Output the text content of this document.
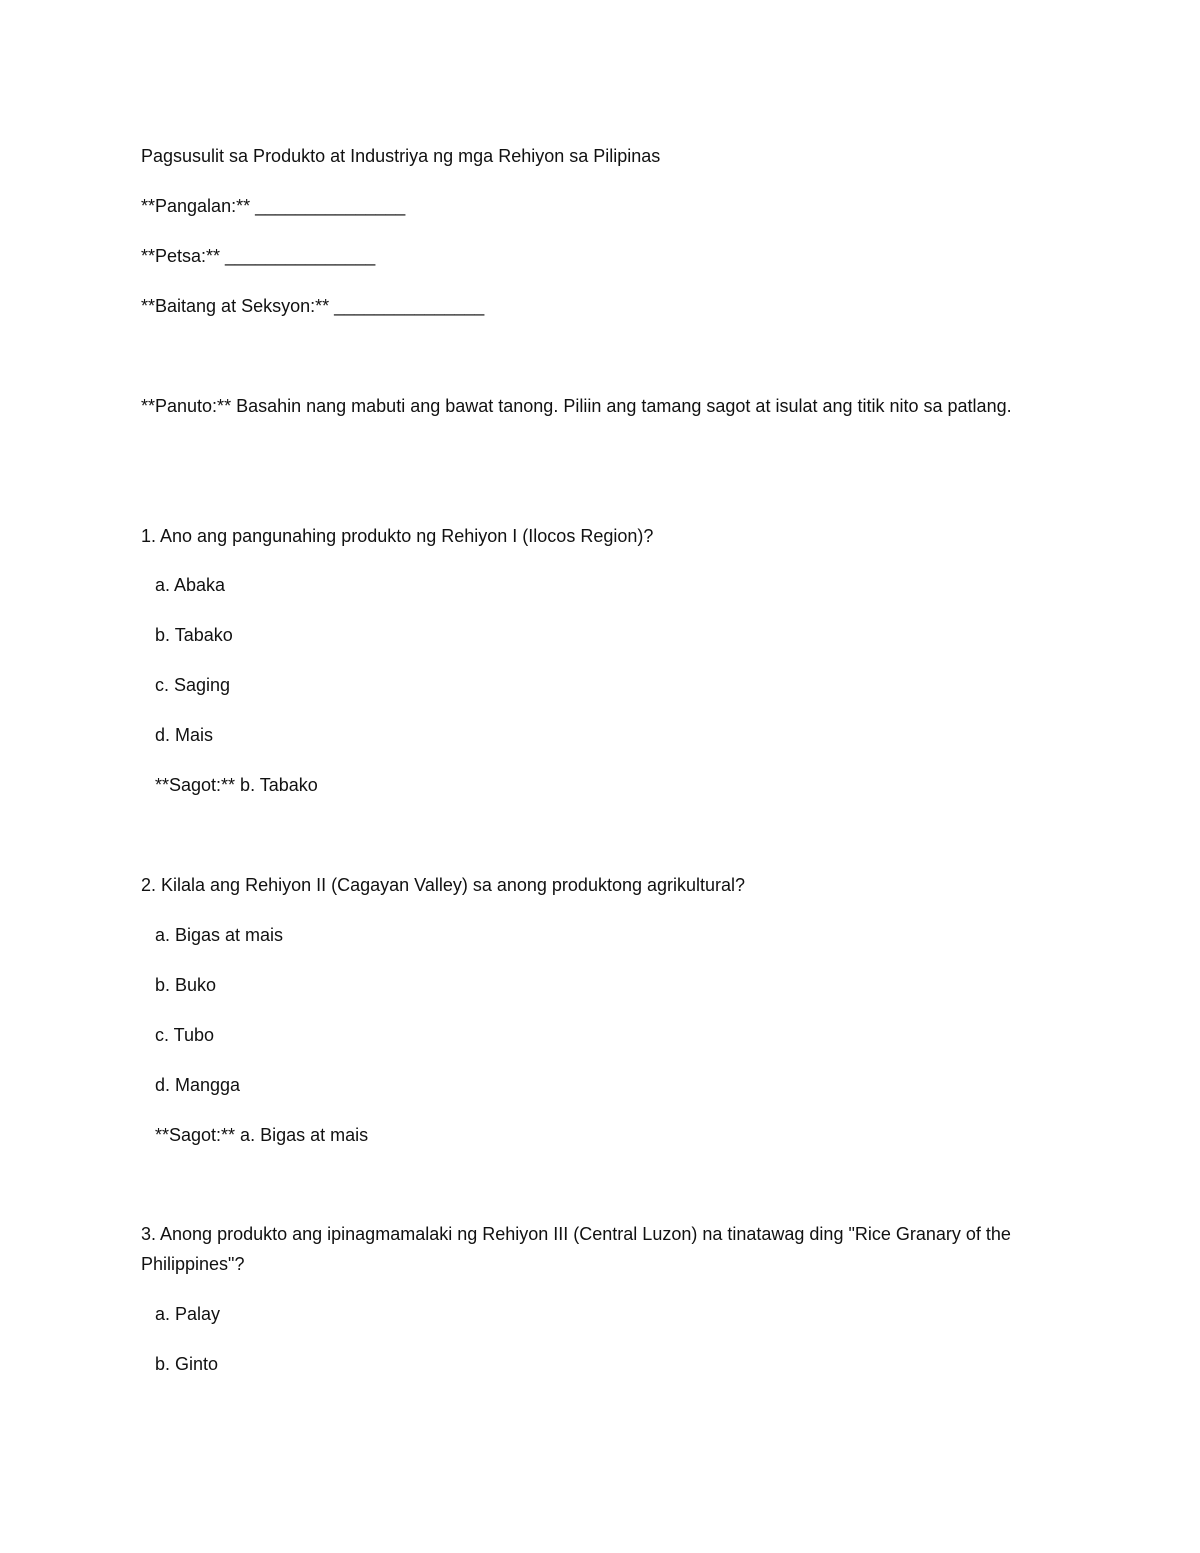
Pagsusulit sa Produkto at Industriya ng mga Rehiyon sa Pilipinas
**Pangalan:** _______________
**Petsa:** _______________
**Baitang at Seksyon:** _______________
**Panuto:** Basahin nang mabuti ang bawat tanong. Piliin ang tamang sagot at isulat ang titik nito sa patlang.
1. Ano ang pangunahing produkto ng Rehiyon I (Ilocos Region)?
a. Abaka
b. Tabako
c. Saging
d. Mais
**Sagot:** b. Tabako
2. Kilala ang Rehiyon II (Cagayan Valley) sa anong produktong agrikultural?
a. Bigas at mais
b. Buko
c. Tubo
d. Mangga
**Sagot:** a. Bigas at mais
3. Anong produkto ang ipinagmamalaki ng Rehiyon III (Central Luzon) na tinatawag ding "Rice Granary of the Philippines"?
a. Palay
b. Ginto
